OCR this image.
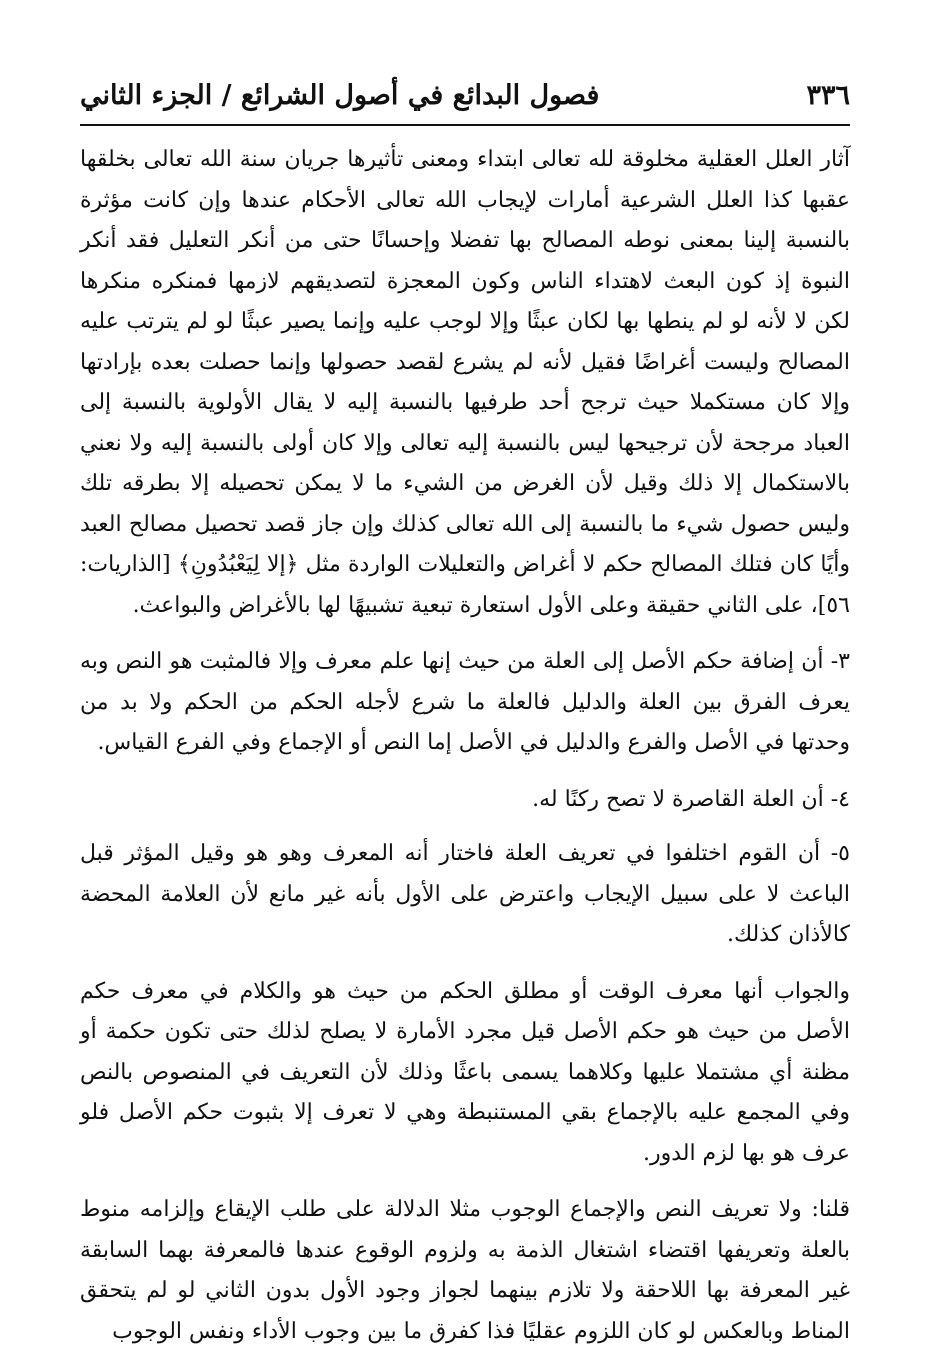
٣٣٦
فصول البدائع في أصول الشرائع / الجزء الثاني

آثار العلل العقلية مخلوقة لله تعالى ابتداء ومعنى تأثيرها جريان سنة الله تعالى بخلقها عقبها كذا العلل الشرعية أمارات لإيجاب الله تعالى الأحكام عندها وإن كانت مؤثرة بالنسبة إلينا بمعنى نوطه المصالح بها تفضلا وإحسانًا حتى من أنكر التعليل فقد أنكر النبوة إذ كون البعث لاهتداء الناس وكون المعجزة لتصديقهم لازمها فمنكره منكرها لكن لا لأنه لو لم ينطها بها لكان عبثًا وإلا لوجب عليه وإنما يصير عبثًا لو لم يترتب عليه المصالح وليست أغراضًا فقيل لأنه لم يشرع لقصد حصولها وإنما حصلت بعده بإرادتها وإلا كان مستكملا حيث ترجح أحد طرفيها بالنسبة إليه لا يقال الأولوية بالنسبة إلى العباد مرجحة لأن ترجيحها ليس بالنسبة إليه تعالى وإلا كان أولى بالنسبة إليه ولا نعني بالاستكمال إلا ذلك وقيل لأن الغرض من الشيء ما لا يمكن تحصيله إلا بطرقه تلك وليس حصول شيء ما بالنسبة إلى الله تعالى كذلك وإن جاز قصد تحصيل مصالح العبد وأيًا كان فتلك المصالح حكم لا أغراض والتعليلات الواردة مثل ﴿إلا لِيَعْبُدُونِ﴾ [الذاريات: ٥٦]، على الثاني حقيقة وعلى الأول استعارة تبعية تشبيهًا لها بالأغراض والبواعث.

٣- أن إضافة حكم الأصل إلى العلة من حيث إنها علم معرف وإلا فالمثبت هو النص وبه يعرف الفرق بين العلة والدليل فالعلة ما شرع لأجله الحكم من الحكم ولا بد من وحدتها في الأصل والفرع والدليل في الأصل إما النص أو الإجماع وفي الفرع القياس.

٤- أن العلة القاصرة لا تصح ركنًا له.

٥- أن القوم اختلفوا في تعريف العلة فاختار أنه المعرف وهو هو وقيل المؤثر قبل الباعث لا على سبيل الإيجاب واعترض على الأول بأنه غير مانع لأن العلامة المحضة كالأذان كذلك.

والجواب أنها معرف الوقت أو مطلق الحكم من حيث هو والكلام في معرف حكم الأصل من حيث هو حكم الأصل قيل مجرد الأمارة لا يصلح لذلك حتى تكون حكمة أو مظنة أي مشتملا عليها وكلاهما يسمى باعثًا وذلك لأن التعريف في المنصوص بالنص وفي المجمع عليه بالإجماع بقي المستنبطة وهي لا تعرف إلا بثبوت حكم الأصل فلو عرف هو بها لزم الدور.

قلنا: ولا تعريف النص والإجماع الوجوب مثلا الدلالة على طلب الإيقاع وإلزامه منوط بالعلة وتعريفها اقتضاء اشتغال الذمة به ولزوم الوقوع عندها فالمعرفة بهما السابقة غير المعرفة بها اللاحقة ولا تلازم بينهما لجواز وجود الأول بدون الثاني لو لم يتحقق المناط وبالعكس لو كان اللزوم عقليًا فذا كفرق ما بين وجوب الأداء ونفس الوجوب
